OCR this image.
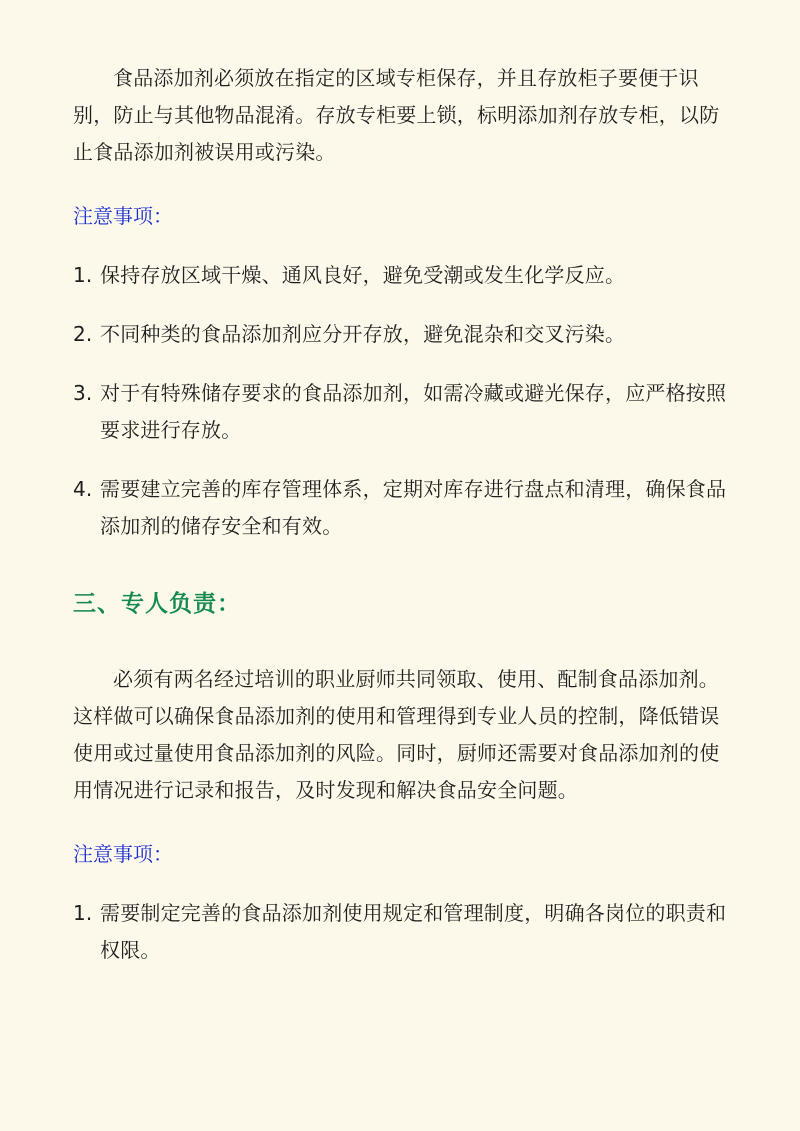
食品添加剂必须放在指定的区域专柜保存，并且存放柜子要便于识别，防止与其他物品混淆。存放专柜要上锁，标明添加剂存放专柜，以防止食品添加剂被误用或污染。

注意事项：

1. 保持存放区域干燥、通风良好，避免受潮或发生化学反应。
2. 不同种类的食品添加剂应分开存放，避免混杂和交叉污染。
3. 对于有特殊储存要求的食品添加剂，如需冷藏或避光保存，应严格按照要求进行存放。
4. 需要建立完善的库存管理体系，定期对库存进行盘点和清理，确保食品添加剂的储存安全和有效。
三、专人负责：

必须有两名经过培训的职业厨师共同领取、使用、配制食品添加剂。这样做可以确保食品添加剂的使用和管理得到专业人员的控制，降低错误使用或过量使用食品添加剂的风险。同时，厨师还需要对食品添加剂的使用情况进行记录和报告，及时发现和解决食品安全问题。

注意事项：

1. 需要制定完善的食品添加剂使用规定和管理制度，明确各岗位的职责和权限。
